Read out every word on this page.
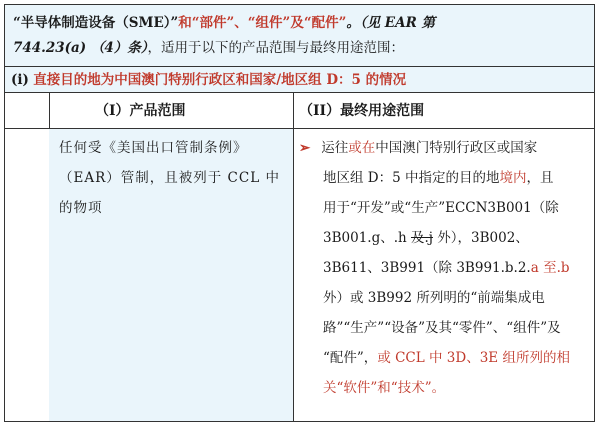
“半导体制造设备（SME）”和“部件”、“组件”及“配件”。（见 EAR 第
744.23(a) （4）条），适用于以下的产品范围与最终用途范围：
(i) 直接目的地为中国澳门特别行政区和国家/地区组 D：5 的情况
（I）产品范围	（II）最终用途范围
任何受《美国出口管制条例》
（EAR）管制，且被列于 CCL 中
的物项
➢ 运往或在中国澳门特别行政区或国家
地区组 D：5 中指定的目的地境内，且
用于“开发”或“生产”ECCN3B001（除
3B001.g、.h 及.j 外），3B002、
3B611、3B991（除 3B991.b.2.a 至.b
外）或 3B992 所列明的“前端集成电
路”“生产”“设备”及其“零件”、“组件”及
“配件”，或 CCL 中 3D、3E 组所列的相
关“软件”和“技术”。
